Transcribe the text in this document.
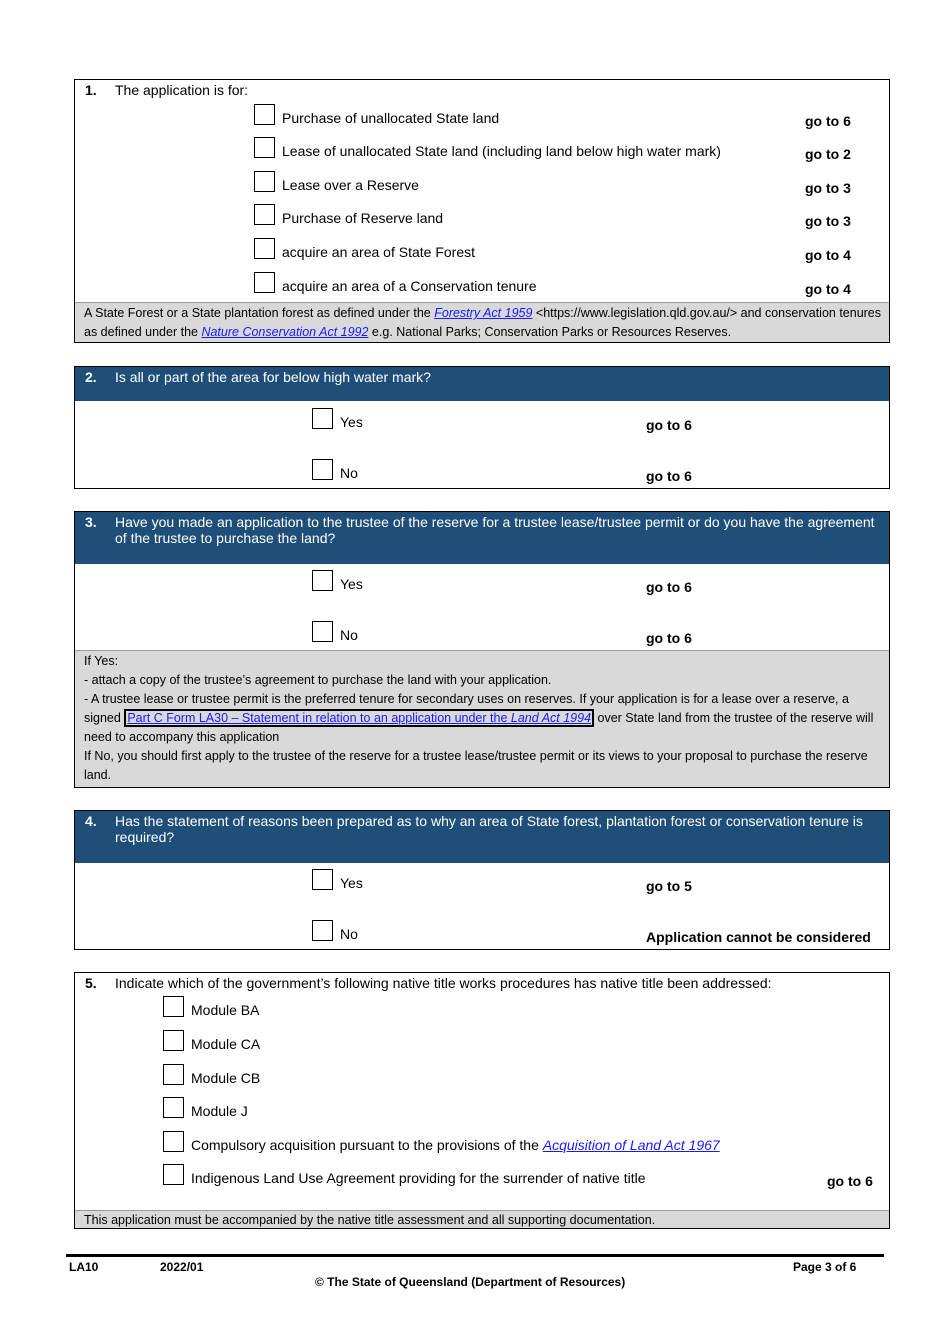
1.	The application is for:
Purchase of unallocated State land	go to 6
Lease of unallocated State land (including land below high water mark)	go to 2
Lease over a Reserve	go to 3
Purchase of Reserve land	go to 3
acquire an area of State Forest	go to 4
acquire an area of a Conservation tenure	go to 4
A State Forest or a State plantation forest as defined under the Forestry Act 1959 <https://www.legislation.qld.gov.au/> and conservation tenures as defined under the Nature Conservation Act 1992 e.g. National Parks; Conservation Parks or Resources Reserves.
2.	Is all or part of the area for below high water mark?
Yes	go to 6
No	go to 6
3.	Have you made an application to the trustee of the reserve for a trustee lease/trustee permit or do you have the agreement of the trustee to purchase the land?
Yes	go to 6
No	go to 6
If Yes:
- attach a copy of the trustee’s agreement to purchase the land with your application.
- A trustee lease or trustee permit is the preferred tenure for secondary uses on reserves. If your application is for a lease over a reserve, a signed Part C Form LA30 – Statement in relation to an application under the Land Act 1994 over State land from the trustee of the reserve will need to accompany this application
If No, you should first apply to the trustee of the reserve for a trustee lease/trustee permit or its views to your proposal to purchase the reserve land.
4.	Has the statement of reasons been prepared as to why an area of State forest, plantation forest or conservation tenure is required?
Yes	go to 5
No	Application cannot be considered
5.	Indicate which of the government’s following native title works procedures has native title been addressed:
Module BA
Module CA
Module CB
Module J
Compulsory acquisition pursuant to the provisions of the Acquisition of Land Act 1967
Indigenous Land Use Agreement providing for the surrender of native title	go to 6
This application must be accompanied by the native title assessment and all supporting documentation.
LA10	2022/01	Page 3 of 6
© The State of Queensland (Department of Resources)
